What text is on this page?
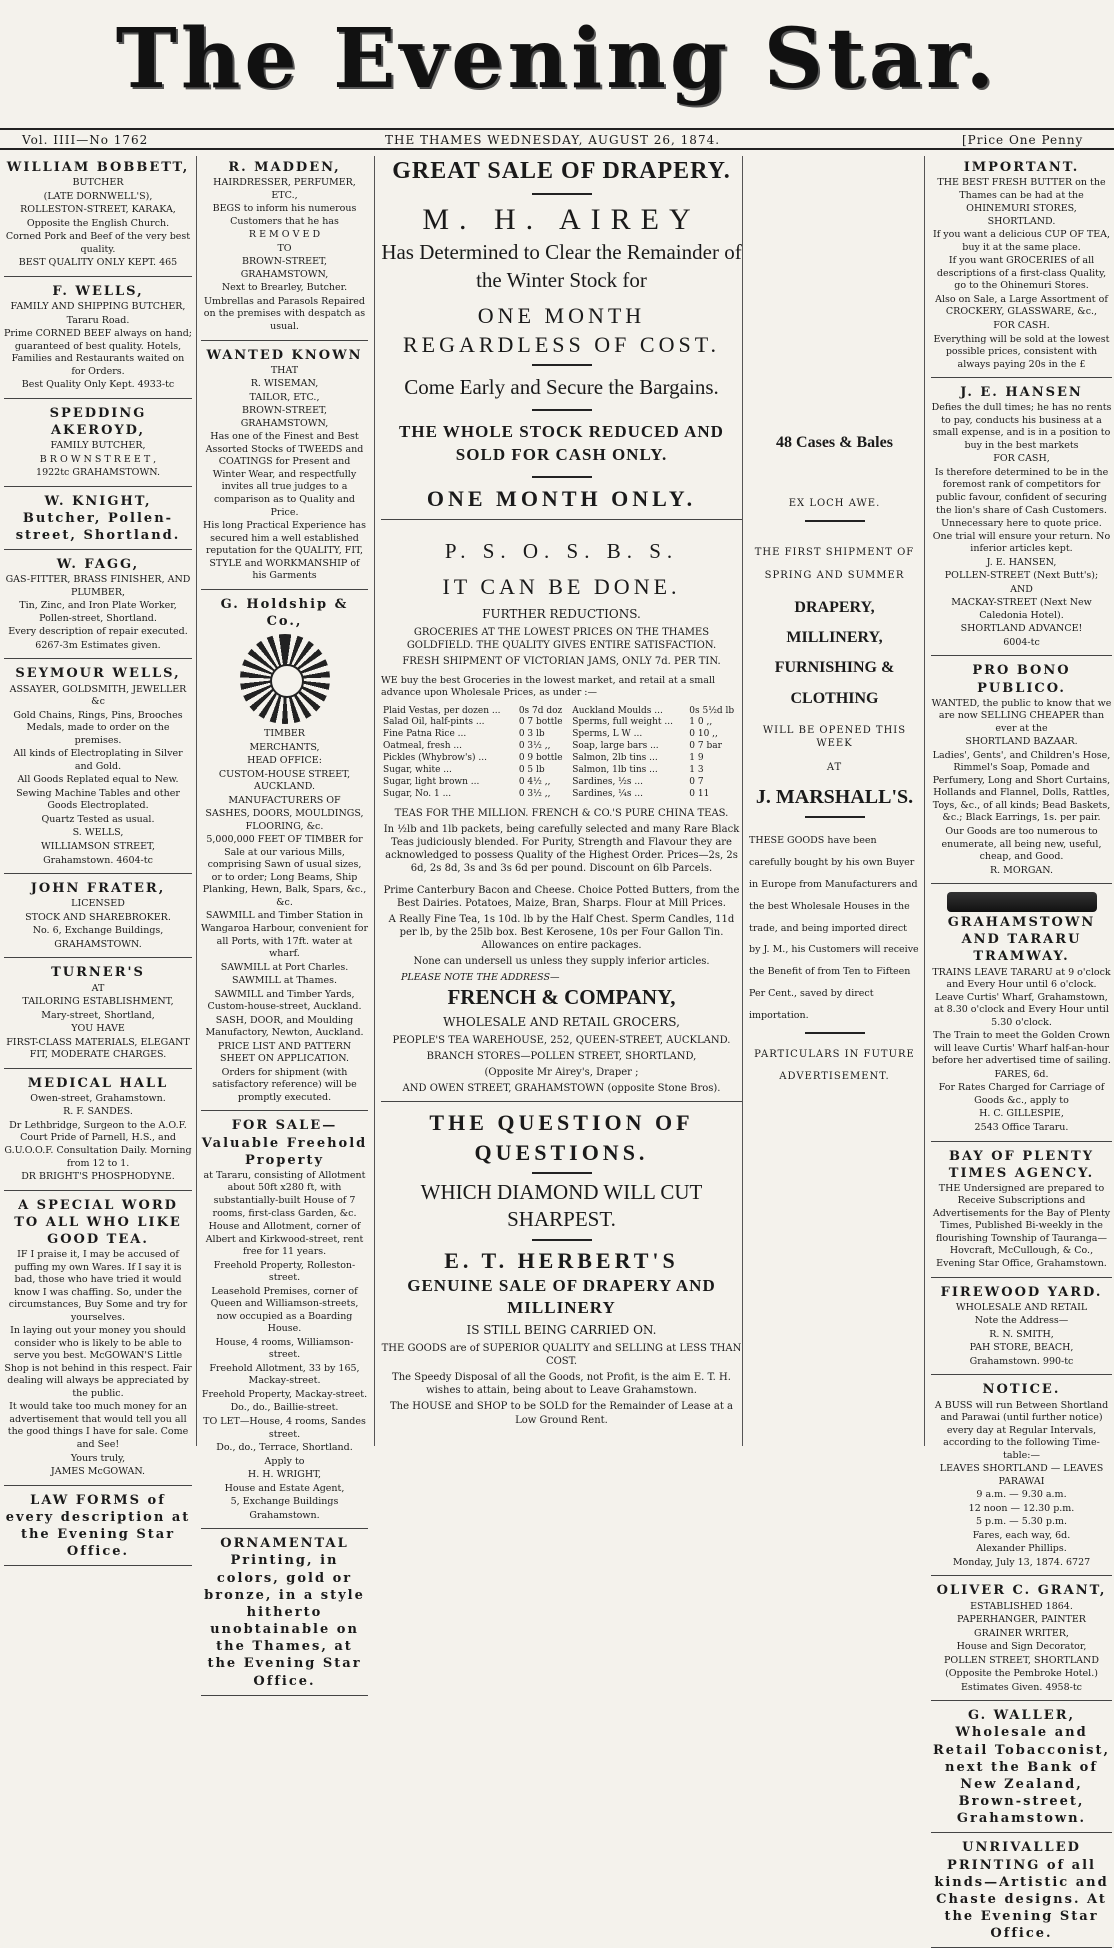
The Evening Star.
Vol. IIII—No 1762	THE THAMES WEDNESDAY, AUGUST 26, 1874.	[Price One Penny
WILLIAM BOBBETT,

BUTCHER

(LATE DORNWELL'S),

ROLLESTON-STREET, KARAKA,

Opposite the English Church.

Corned Pork and Beef of the very best quality.

BEST QUALITY ONLY KEPT. 465

F. WELLS,

FAMILY AND SHIPPING BUTCHER,

Tararu Road.

Prime CORNED BEEF always on hand; guaranteed of best quality. Hotels, Families and Restaurants waited on for Orders.

Best Quality Only Kept. 4933-tc

SPEDDING AKEROYD,

FAMILY BUTCHER,

B R O W N S T R E E T ,

1922tc GRAHAMSTOWN.

W. KNIGHT, Butcher, Pollen-street, Shortland.
W. FAGG,

GAS-FITTER, BRASS FINISHER, AND PLUMBER,

Tin, Zinc, and Iron Plate Worker, Pollen-street, Shortland.

Every description of repair executed.

6267-3m Estimates given.

SEYMOUR WELLS,

ASSAYER, GOLDSMITH, JEWELLER &c

Gold Chains, Rings, Pins, Brooches Medals, made to order on the premises.

All kinds of Electroplating in Silver and Gold.

All Goods Replated equal to New.

Sewing Machine Tables and other Goods Electroplated.

Quartz Tested as usual.

S. WELLS,

WILLIAMSON STREET,

Grahamstown. 4604-tc

JOHN FRATER,

LICENSED

STOCK AND SHAREBROKER.

No. 6, Exchange Buildings,

GRAHAMSTOWN.

TURNER'S

AT

TAILORING ESTABLISHMENT,

Mary-street, Shortland,

YOU HAVE

FIRST-CLASS MATERIALS, ELEGANT FIT, MODERATE CHARGES.

MEDICAL HALL

Owen-street, Grahamstown.

R. F. SANDES.

Dr Lethbridge, Surgeon to the A.O.F. Court Pride of Parnell, H.S., and G.U.O.O.F. Consultation Daily. Morning from 12 to 1.

DR BRIGHT'S PHOSPHODYNE.

A SPECIAL WORD TO ALL WHO LIKE GOOD TEA.

IF I praise it, I may be accused of puffing my own Wares. If I say it is bad, those who have tried it would know I was chaffing. So, under the circumstances, Buy Some and try for yourselves.

In laying out your money you should consider who is likely to be able to serve you best. McGOWAN'S Little Shop is not behind in this respect. Fair dealing will always be appreciated by the public.

It would take too much money for an advertisement that would tell you all the good things I have for sale. Come and See!

Yours truly,

JAMES McGOWAN.

LAW FORMS of every description at the Evening Star Office.
R. MADDEN,

HAIRDRESSER, PERFUMER, ETC.,

BEGS to inform his numerous Customers that he has

R E M O V E D

TO

BROWN-STREET, GRAHAMSTOWN,

Next to Brearley, Butcher.

Umbrellas and Parasols Repaired on the premises with despatch as usual.

WANTED KNOWN

THAT

R. WISEMAN,

TAILOR, ETC.,

BROWN-STREET, GRAHAMSTOWN,

Has one of the Finest and Best Assorted Stocks of TWEEDS and COATINGS for Present and Winter Wear, and respectfully invites all true judges to a comparison as to Quality and Price.

His long Practical Experience has secured him a well established reputation for the QUALITY, FIT, STYLE and WORKMANSHIP of his Garments

G. Holdship & Co.,

TIMBER

MERCHANTS,

HEAD OFFICE:

CUSTOM-HOUSE STREET, AUCKLAND.

MANUFACTURERS OF

SASHES, DOORS, MOULDINGS, FLOORING, &c.

5,000,000 FEET OF TIMBER for Sale at our various Mills, comprising Sawn of usual sizes, or to order; Long Beams, Ship Planking, Hewn, Balk, Spars, &c., &c.

SAWMILL and Timber Station in Wangaroa Harbour, convenient for all Ports, with 17ft. water at wharf.

SAWMILL at Port Charles.

SAWMILL at Thames.

SAWMILL and Timber Yards, Custom-house-street, Auckland.

SASH, DOOR, and Moulding Manufactory, Newton, Auckland.

PRICE LIST AND PATTERN SHEET ON APPLICATION.

Orders for shipment (with satisfactory reference) will be promptly executed.

FOR SALE—Valuable Freehold Property

at Tararu, consisting of Allotment about 50ft x280 ft, with substantially-built House of 7 rooms, first-class Garden, &c.

House and Allotment, corner of Albert and Kirkwood-street, rent free for 11 years.

Freehold Property, Rolleston-street.

Leasehold Premises, corner of Queen and Williamson-streets, now occupied as a Boarding House.

House, 4 rooms, Williamson-street.

Freehold Allotment, 33 by 165, Mackay-street.

Freehold Property, Mackay-street.

Do., do., Baillie-street.

TO LET—House, 4 rooms, Sandes street.

Do., do., Terrace, Shortland.

Apply to

H. H. WRIGHT,

House and Estate Agent,

5, Exchange Buildings

Grahamstown.

ORNAMENTAL Printing, in colors, gold or bronze, in a style hitherto unobtainable on the Thames, at the Evening Star Office.
GREAT SALE OF DRAPERY.
M. H. AIREY
Has Determined to Clear the Remainder of the Winter Stock for
ONE MONTH
REGARDLESS OF COST.
Come Early and Secure the Bargains.
THE WHOLE STOCK REDUCED AND SOLD FOR CASH ONLY.
ONE MONTH ONLY.
P. S. O. S. B. S.
IT CAN BE DONE.
FURTHER REDUCTIONS.
GROCERIES AT THE LOWEST PRICES ON THE THAMES GOLDFIELD. THE QUALITY GIVES ENTIRE SATISFACTION.
FRESH SHIPMENT OF VICTORIAN JAMS, ONLY 7d. PER TIN.

WE buy the best Groceries in the lowest market, and retail at a small advance upon Wholesale Prices, as under :—

Plaid Vestas, per dozen ...	0s 7d doz	Auckland Moulds ...	0s 5½d lb
Salad Oil, half-pints ...	0 7 bottle	Sperms, full weight ...	1 0 ,,
Fine Patna Rice ...	0 3 lb	Sperms, L W ...	0 10 ,,
Oatmeal, fresh ...	0 3½ ,,	Soap, large bars ...	0 7 bar
Pickles (Whybrow's) ...	0 9 bottle	Salmon, 2lb tins ...	1 9
Sugar, white ...	0 5 lb	Salmon, 1lb tins ...	1 3
Sugar, light brown ...	0 4½ ,,	Sardines, ½s ...	0 7
Sugar, No. 1 ...	0 3½ ,,	Sardines, ¼s ...	0 11
TEAS FOR THE MILLION. FRENCH & CO.'S PURE CHINA TEAS.

In ½lb and 1lb packets, being carefully selected and many Rare Black Teas judiciously blended. For Purity, Strength and Flavour they are acknowledged to possess Quality of the Highest Order. Prices—2s, 2s 6d, 2s 8d, 3s and 3s 6d per pound. Discount on 6lb Parcels.

Prime Canterbury Bacon and Cheese. Choice Potted Butters, from the Best Dairies. Potatoes, Maize, Bran, Sharps. Flour at Mill Prices.

A Really Fine Tea, 1s 10d. lb by the Half Chest. Sperm Candles, 11d per lb, by the 25lb box. Best Kerosene, 10s per Four Gallon Tin. Allowances on entire packages.

None can undersell us unless they supply inferior articles.

PLEASE NOTE THE ADDRESS—

FRENCH & COMPANY,
WHOLESALE AND RETAIL GROCERS,
PEOPLE'S TEA WAREHOUSE, 252, QUEEN-STREET, AUCKLAND.
BRANCH STORES—POLLEN STREET, SHORTLAND,
(Opposite Mr Airey's, Draper ;
AND OWEN STREET, GRAHAMSTOWN (opposite Stone Bros).
THE QUESTION OF QUESTIONS.
WHICH DIAMOND WILL CUT SHARPEST.
E. T. HERBERT'S
GENUINE SALE OF DRAPERY AND MILLINERY
IS STILL BEING CARRIED ON.

THE GOODS are of SUPERIOR QUALITY and SELLING at LESS THAN COST.

The Speedy Disposal of all the Goods, not Profit, is the aim E. T. H. wishes to attain, being about to Leave Grahamstown.

The HOUSE and SHOP to be SOLD for the Remainder of Lease at a Low Ground Rent.

48 Cases & Bales
EX LOCH AWE.
THE FIRST SHIPMENT OF
SPRING AND SUMMER
DRAPERY, MILLINERY, FURNISHING & CLOTHING
WILL BE OPENED THIS WEEK
AT
J. MARSHALL'S.

THESE GOODS have been carefully bought by his own Buyer in Europe from Manufacturers and the best Wholesale Houses in the trade, and being imported direct by J. M., his Customers will receive the Benefit of from Ten to Fifteen Per Cent., saved by direct importation.

PARTICULARS IN FUTURE ADVERTISEMENT.
IMPORTANT.

THE BEST FRESH BUTTER on the Thames can be had at the

OHINEMURI STORES, SHORTLAND.

If you want a delicious CUP OF TEA, buy it at the same place.

If you want GROCERIES of all descriptions of a first-class Quality, go to the Ohinemuri Stores.

Also on Sale, a Large Assortment of CROCKERY, GLASSWARE, &c.,

FOR CASH.

Everything will be sold at the lowest possible prices, consistent with always paying 20s in the £

J. E. HANSEN

Defies the dull times; he has no rents to pay, conducts his business at a small expense, and is in a position to buy in the best markets

FOR CASH,

Is therefore determined to be in the foremost rank of competitors for public favour, confident of securing the lion's share of Cash Customers.

Unnecessary here to quote price. One trial will ensure your return. No inferior articles kept.

J. E. HANSEN,

POLLEN-STREET (Next Butt's);

AND

MACKAY-STREET (Next New Caledonia Hotel).

SHORTLAND ADVANCE!

6004-tc

PRO BONO PUBLICO.

WANTED, the public to know that we are now SELLING CHEAPER than ever at the

SHORTLAND BAZAAR.

Ladies', Gents', and Children's Hose, Rimmel's Soap, Pomade and Perfumery, Long and Short Curtains, Hollands and Flannel, Dolls, Rattles, Toys, &c., of all kinds; Bead Baskets, &c.; Black Earrings, 1s. per pair.

Our Goods are too numerous to enumerate, all being new, useful, cheap, and Good.

R. MORGAN.

GRAHAMSTOWN AND TARARU TRAMWAY.

TRAINS LEAVE TARARU at 9 o'clock and Every Hour until 6 o'clock. Leave Curtis' Wharf, Grahamstown, at 8.30 o'clock and Every Hour until 5.30 o'clock.

The Train to meet the Golden Crown will leave Curtis' Wharf half-an-hour before her advertised time of sailing.

FARES, 6d.

For Rates Charged for Carriage of Goods &c., apply to

H. C. GILLESPIE,

2543 Office Tararu.

BAY OF PLENTY TIMES AGENCY.

THE Undersigned are prepared to Receive Subscriptions and Advertisements for the Bay of Plenty Times, Published Bi-weekly in the flourishing Township of Tauranga—Hovcraft, McCullough, & Co., Evening Star Office, Grahamstown.

FIREWOOD YARD.

WHOLESALE AND RETAIL

Note the Address—

R. N. SMITH,

PAH STORE, BEACH,

Grahamstown. 990-tc

NOTICE.

A BUSS will run Between Shortland and Parawai (until further notice) every day at Regular Intervals, according to the following Time-table:—

LEAVES SHORTLAND — LEAVES PARAWAI

9 a.m. — 9.30 a.m.

12 noon — 12.30 p.m.

5 p.m. — 5.30 p.m.

Fares, each way, 6d.

Alexander Phillips.

Monday, July 13, 1874. 6727

OLIVER C. GRANT,

ESTABLISHED 1864.

PAPERHANGER, PAINTER

GRAINER WRITER,

House and Sign Decorator,

POLLEN STREET, SHORTLAND

(Opposite the Pembroke Hotel.)

Estimates Given. 4958-tc

G. WALLER, Wholesale and Retail Tobacconist, next the Bank of New Zealand, Brown-street, Grahamstown.
UNRIVALLED PRINTING of all kinds—Artistic and Chaste designs. At the Evening Star Office.
